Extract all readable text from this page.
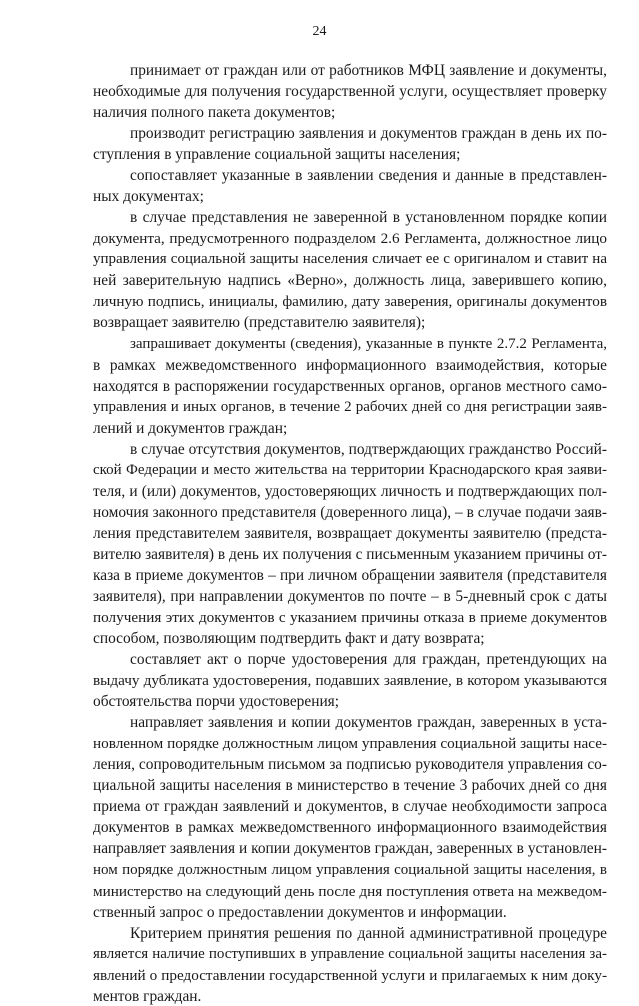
24
принимает от граждан или от работников МФЦ заявление и документы,
необходимые для получения государственной услуги, осуществляет проверку
наличия полного пакета документов;
производит регистрацию заявления и документов граждан в день их по-
ступления в управление социальной защиты населения;
сопоставляет указанные в заявлении сведения и данные в представлен-
ных документах;
в случае представления не заверенной в установленном порядке копии
документа, предусмотренного подразделом 2.6 Регламента, должностное лицо
управления социальной защиты населения сличает ее с оригиналом и ставит на
ней заверительную надпись «Верно», должность лица, заверившего копию,
личную подпись, инициалы, фамилию, дату заверения, оригиналы документов
возвращает заявителю (представителю заявителя);
запрашивает документы (сведения), указанные в пункте 2.7.2 Регламента,
в рамках межведомственного информационного взаимодействия, которые
находятся в распоряжении государственных органов, органов местного само-
управления и иных органов, в течение 2 рабочих дней со дня регистрации заяв-
лений и документов граждан;
в случае отсутствия документов, подтверждающих гражданство Россий-
ской Федерации и место жительства на территории Краснодарского края заяви-
теля, и (или) документов, удостоверяющих личность и подтверждающих пол-
номочия законного представителя (доверенного лица), – в случае подачи заяв-
ления представителем заявителя, возвращает документы заявителю (предста-
вителю заявителя) в день их получения с письменным указанием причины от-
каза в приеме документов – при личном обращении заявителя (представителя
заявителя), при направлении документов по почте – в 5-дневный срок с даты
получения этих документов с указанием причины отказа в приеме документов
способом, позволяющим подтвердить факт и дату возврата;
составляет акт о порче удостоверения для граждан, претендующих на
выдачу дубликата удостоверения, подавших заявление, в котором указываются
обстоятельства порчи удостоверения;
направляет заявления и копии документов граждан, заверенных в уста-
новленном порядке должностным лицом управления социальной защиты насе-
ления, сопроводительным письмом за подписью руководителя управления со-
циальной защиты населения в министерство в течение 3 рабочих дней со дня
приема от граждан заявлений и документов, в случае необходимости запроса
документов в рамках межведомственного информационного взаимодействия
направляет заявления и копии документов граждан, заверенных в установлен-
ном порядке должностным лицом управления социальной защиты населения, в
министерство на следующий день после дня поступления ответа на межведом-
ственный запрос о предоставлении документов и информации.
Критерием принятия решения по данной административной процедуре
является наличие поступивших в управление социальной защиты населения за-
явлений о предоставлении государственной услуги и прилагаемых к ним доку-
ментов граждан.
